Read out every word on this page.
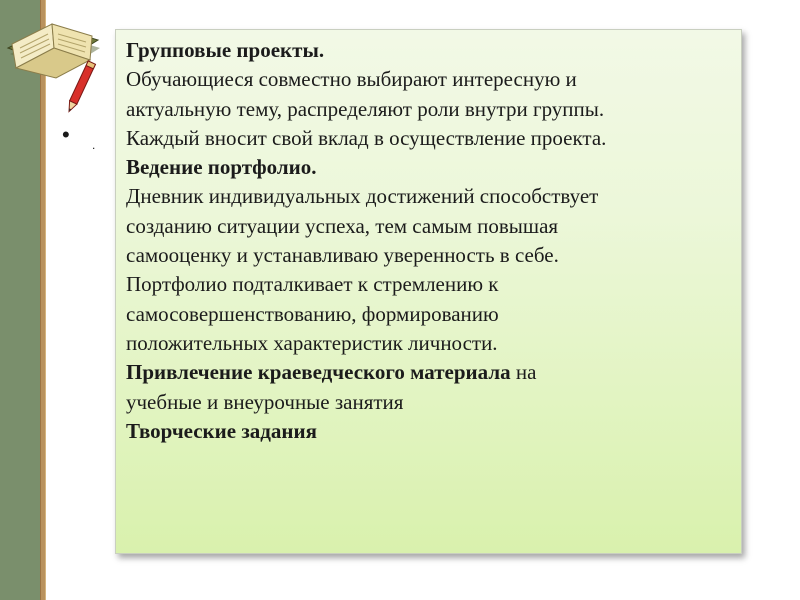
• .
Групповые проекты.
Обучающиеся совместно выбирают интересную и
актуальную тему, распределяют роли внутри группы.
Каждый вносит свой вклад в осуществление проекта.
Ведение портфолио.
Дневник индивидуальных достижений способствует
созданию ситуации успеха, тем самым повышая
самооценку и устанавливаю уверенность в себе.
Портфолио подталкивает к стремлению к
самосовершенствованию, формированию
положительных характеристик личности.
Привлечение краеведческого материала на
учебные и внеурочные занятия
Творческие задания
